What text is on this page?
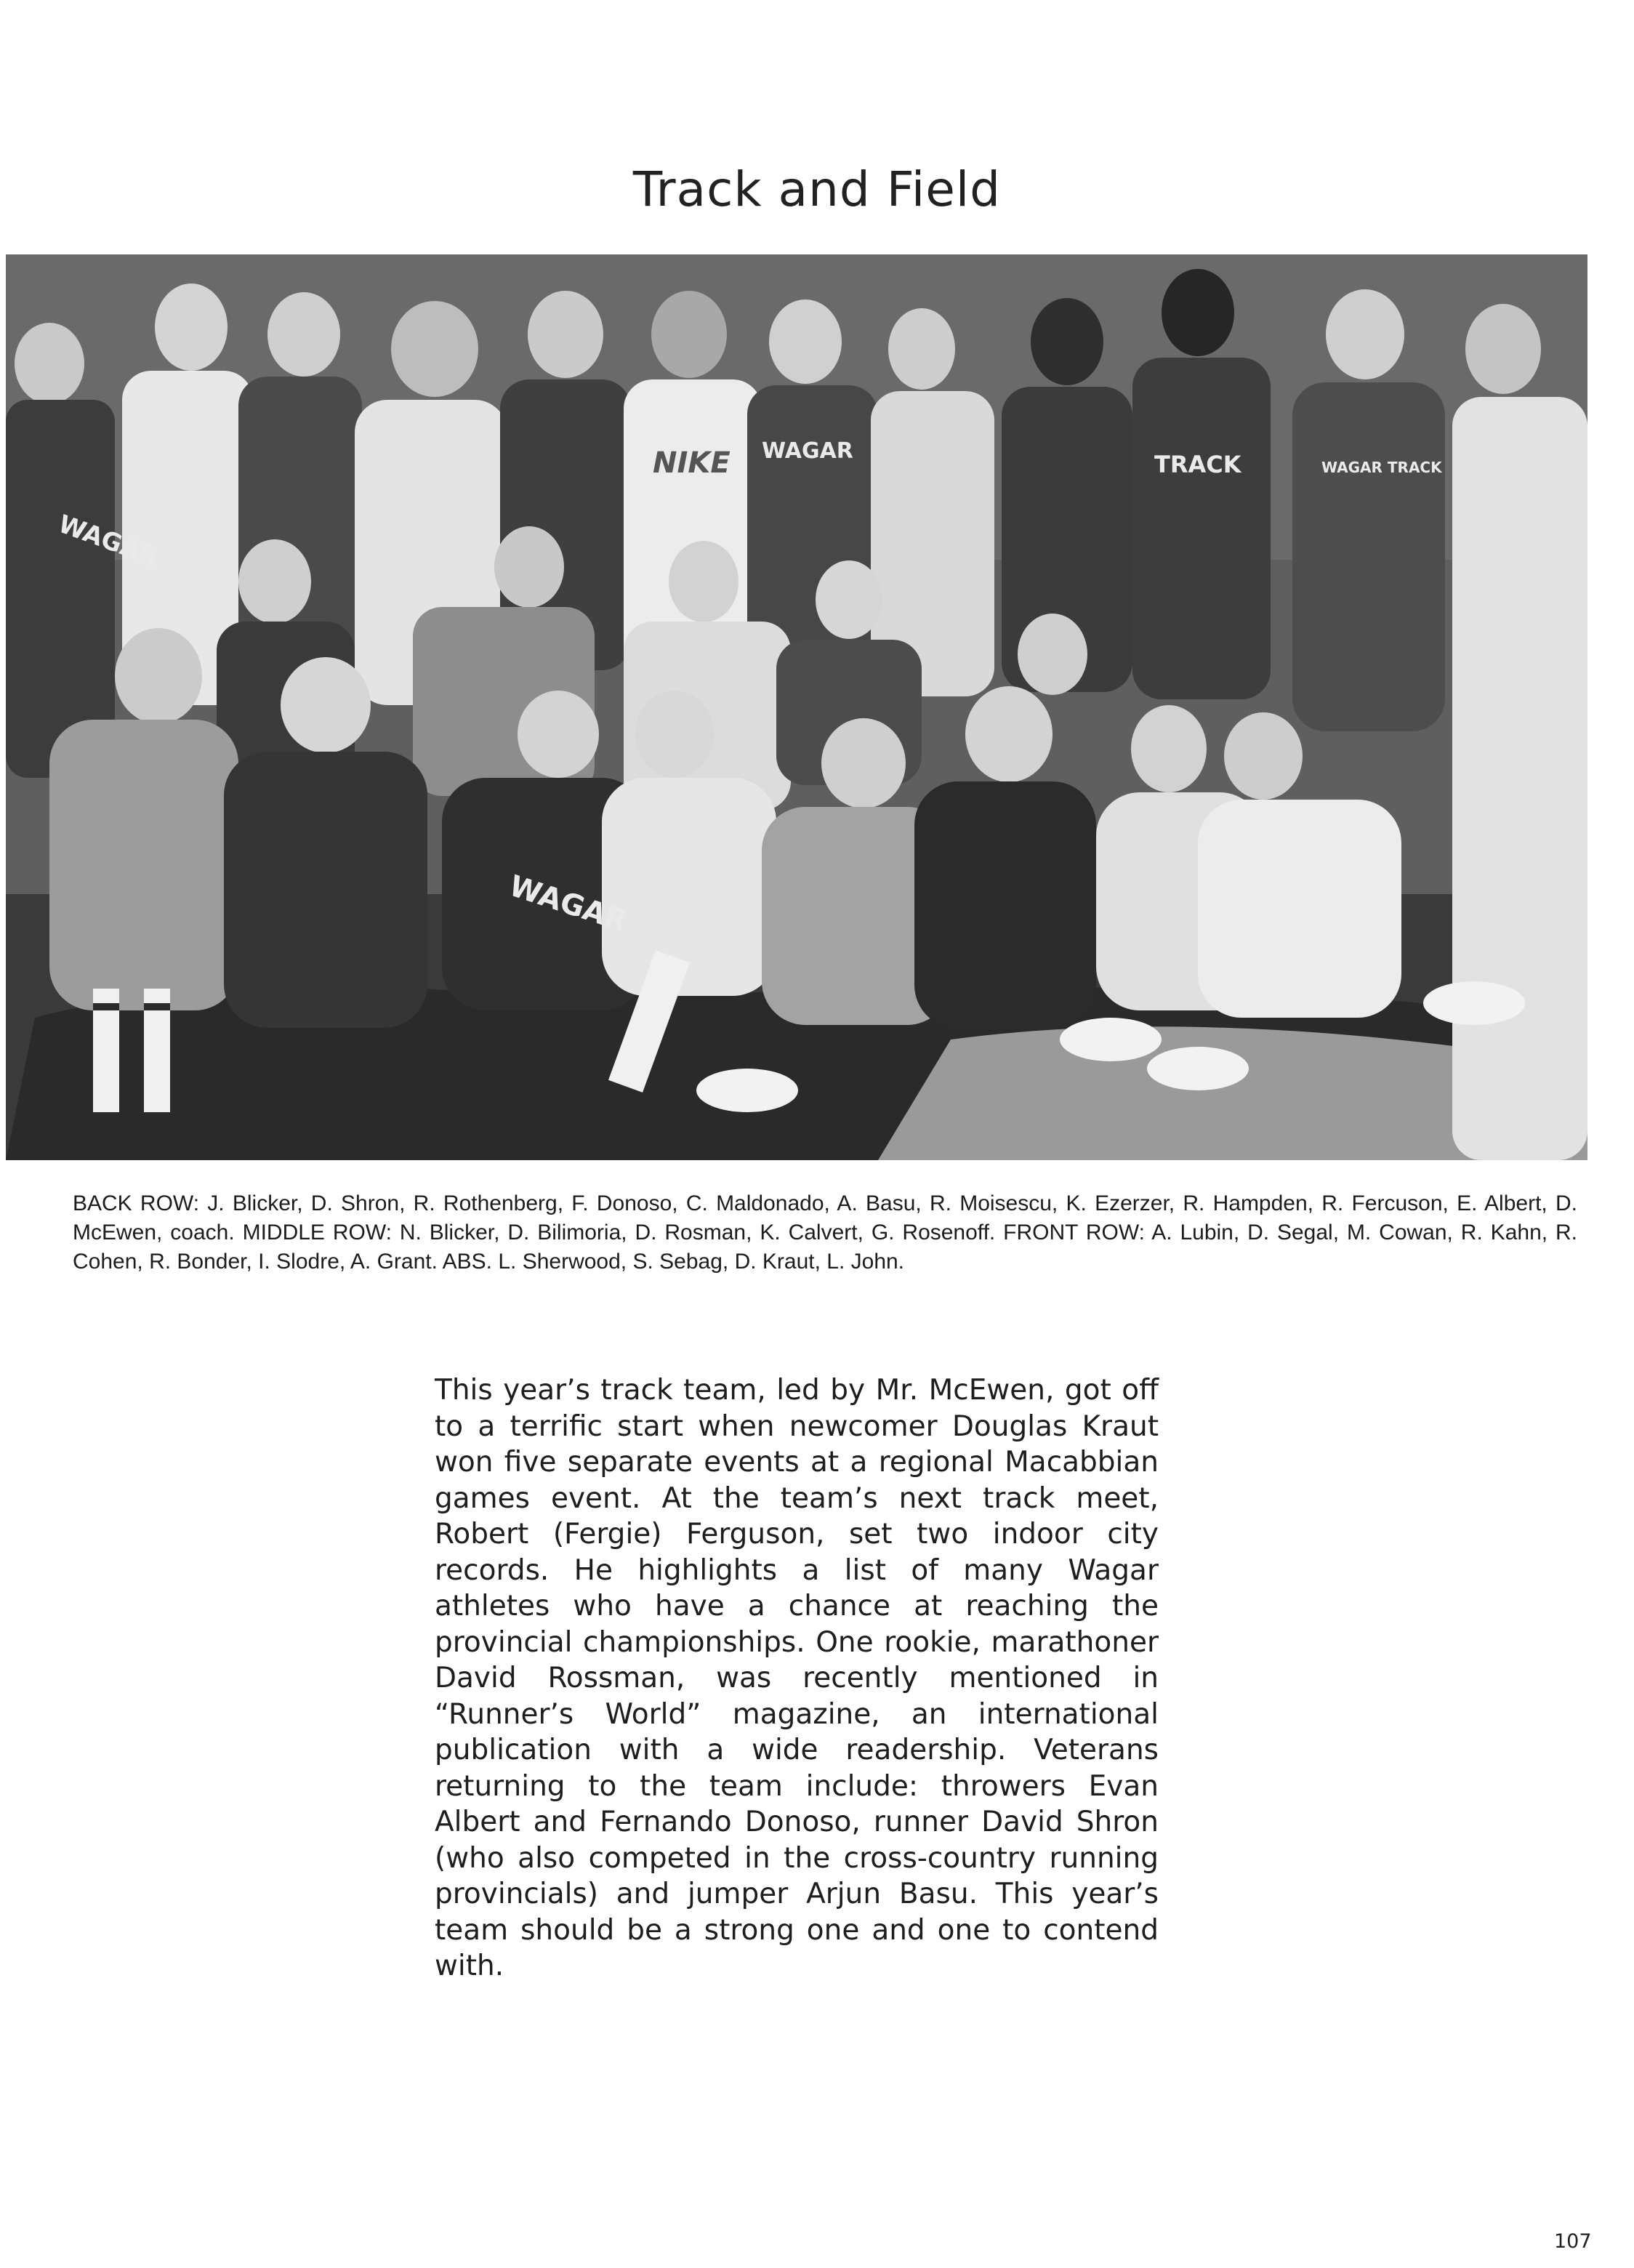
Track and Field
WAGAR
WAGAR	TRACK
NIKE	WAGAR TRACK
WAGAR
BACK ROW: J. Blicker, D. Shron, R. Rothenberg, F. Donoso, C. Maldonado, A. Basu, R. Moisescu, K. Ezerzer, R. Hampden, R. Fercuson, E. Albert, D. McEwen, coach. MIDDLE ROW: N. Blicker, D. Bilimoria, D. Rosman, K. Calvert, G. Rosenoff. FRONT ROW: A. Lubin, D. Segal, M. Cowan, R. Kahn, R. Cohen, R. Bonder, I. Slodre, A. Grant. ABS. L. Sherwood, S. Sebag, D. Kraut, L. John.
This year’s track team, led by Mr. McEwen, got off to a terrific start when newcomer Douglas Kraut won five separate events at a regional Macabbian games event. At the team’s next track meet, Robert (Fergie) Ferguson, set two indoor city records. He highlights a list of many Wagar athletes who have a chance at reaching the provincial championships. One rookie, marathoner David Rossman, was recently mentioned in “Runner’s World” magazine, an international publication with a wide readership. Veterans returning to the team include: throwers Evan Albert and Fernando Donoso, runner David Shron (who also competed in the cross-country running provincials) and jumper Arjun Basu. This year’s team should be a strong one and one to contend with.
107
